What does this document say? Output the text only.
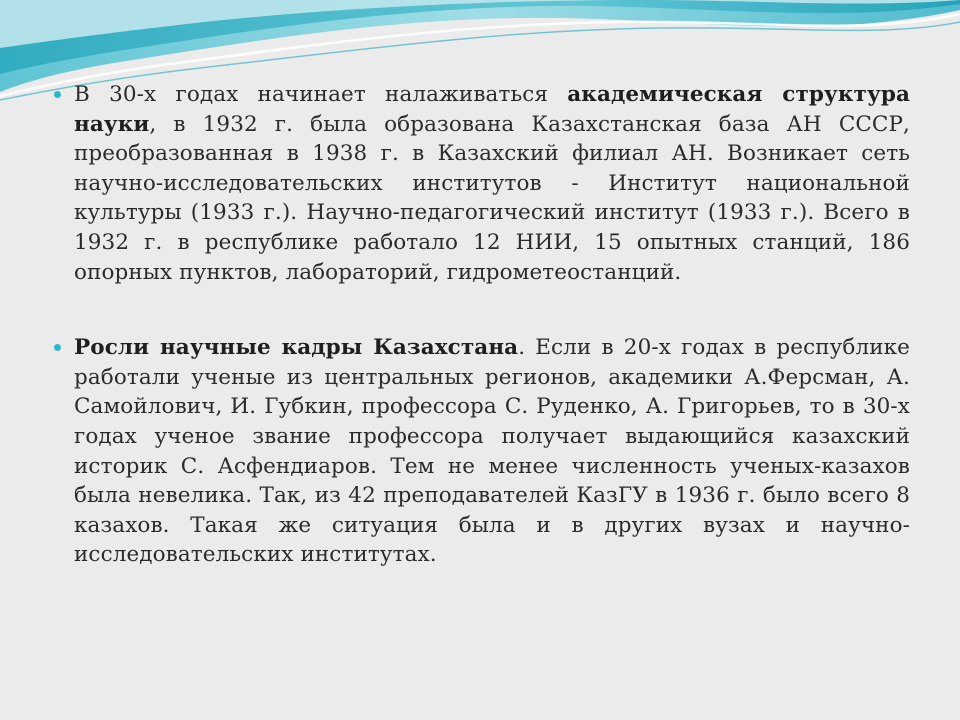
В 30-х годах начинает налаживаться академическая структура науки, в 1932 г. была образована Казахстанская база АН СССР, преобразованная в 1938 г. в Казахский филиал АН. Возникает сеть научно-исследовательских институтов - Институт национальной культуры (1933 г.). Научно-педагогический институт (1933 г.). Всего в 1932 г. в республике работало 12 НИИ, 15 опытных станций, 186 опорных пунктов, лабораторий, гидрометеостанций.

Росли научные кадры Казахстана. Если в 20-х годах в республике работали ученые из центральных регионов, академики А.Ферсман, А. Самойлович, И. Губкин, профессора С. Руденко, А. Григорьев, то в 30-х годах ученое звание профессора получает выдающийся казахский историк С. Асфендиаров. Тем не менее численность ученых-казахов была невелика. Так, из 42 преподавателей КазГУ в 1936 г. было всего 8 казахов. Такая же ситуация была и в других вузах и научно-исследовательских институтах.
